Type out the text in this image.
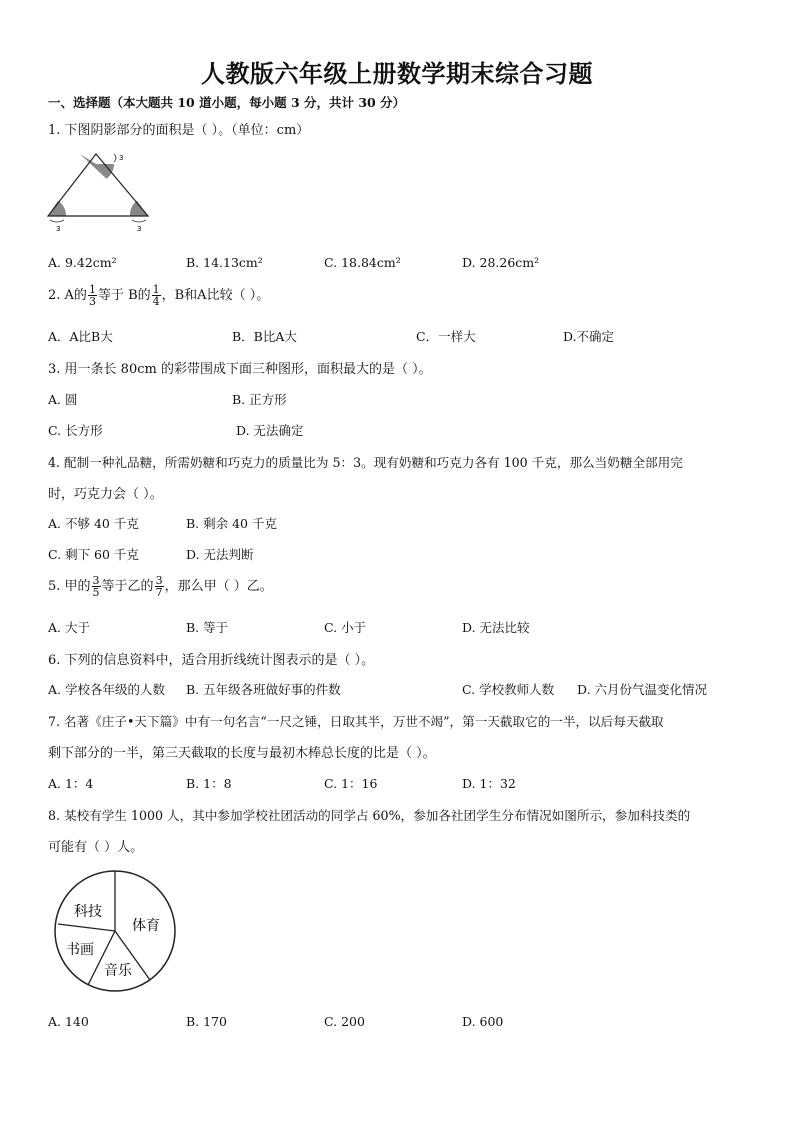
人教版六年级上册数学期末综合习题
一、选择题（本大题共 10 道小题，每小题 3 分，共计 30 分）
1. 下图阴影部分的面积是（ ）。（单位：cm）
3
3	3
A. 9.42cm²	B. 14.13cm²	C. 18.84cm²	D. 28.26cm²
2. A的 $\frac{1}{3}$ 等于 B的 $\frac{1}{4}$ ，B和A比较（ ）。
A．A比B大	B．B比A大	C．一样大	D.不确定
3. 用一条长 80cm 的彩带围成下面三种图形，面积最大的是（ ）。
A. 圆	B. 正方形
C. 长方形	D. 无法确定
4. 配制一种礼品糖，所需奶糖和巧克力的质量比为 5：3。现有奶糖和巧克力各有 100 千克，那么当奶糖全部用完
时，巧克力会（ ）。
A. 不够 40 千克	B. 剩余 40 千克
C. 剩下 60 千克	D. 无法判断
5. 甲的 $\frac{3}{5}$ 等于乙的 $\frac{3}{7}$ ，那么甲（ ）乙。
A. 大于	B. 等于	C. 小于	D. 无法比较
6. 下列的信息资料中，适合用折线统计图表示的是（ ）。
A. 学校各年级的人数 B. 五年级各班做好事的件数	C. 学校教师人数 D. 六月份气温变化情况
7. 名著《庄子•天下篇》中有一句名言“一尺之锤，日取其半，万世不竭”，第一天截取它的一半，以后每天截取
剩下部分的一半，第三天截取的长度与最初木棒总长度的比是（ ）。
A. 1：4	B. 1：8	C. 1：16	D. 1：32
8. 某校有学生 1000 人，其中参加学校社团活动的同学占 60%，参加各社团学生分布情况如图所示，参加科技类的
可能有（ ）人。
科技
体育
书画
音乐
A. 140	B. 170	C. 200	D. 600
